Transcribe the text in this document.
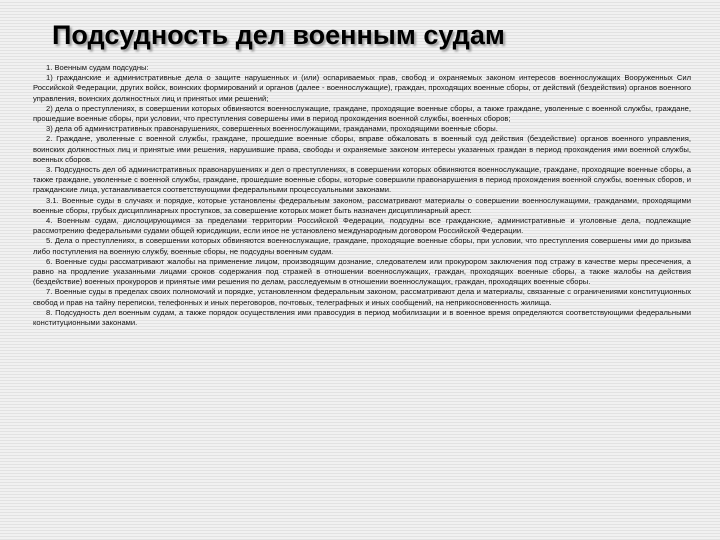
Подсудность дел военным судам

1. Военным судам подсудны:

1) гражданские и административные дела о защите нарушенных и (или) оспариваемых прав, свобод и охраняемых законом интересов военнослужащих Вооруженных Сил Российской Федерации, других войск, воинских формирований и органов (далее - военнослужащие), граждан, проходящих военные сборы, от действий (бездействия) органов военного управления, воинских должностных лиц и принятых ими решений;

2) дела о преступлениях, в совершении которых обвиняются военнослужащие, граждане, проходящие военные сборы, а также граждане, уволенные с военной службы, граждане, прошедшие военные сборы, при условии, что преступления совершены ими в период прохождения военной службы, военных сборов;

3) дела об административных правонарушениях, совершенных военнослужащими, гражданами, проходящими военные сборы.

2. Граждане, уволенные с военной службы, граждане, прошедшие военные сборы, вправе обжаловать в военный суд действия (бездействие) органов военного управления, воинских должностных лиц и принятые ими решения, нарушившие права, свободы и охраняемые законом интересы указанных граждан в период прохождения ими военной службы, военных сборов.

3. Подсудность дел об административных правонарушениях и дел о преступлениях, в совершении которых обвиняются военнослужащие, граждане, проходящие военные сборы, а также граждане, уволенные с военной службы, граждане, прошедшие военные сборы, которые совершили правонарушения в период прохождения военной службы, военных сборов, и гражданские лица, устанавливается соответствующими федеральными процессуальными законами.

3.1. Военные суды в случаях и порядке, которые установлены федеральным законом, рассматривают материалы о совершении военнослужащими, гражданами, проходящими военные сборы, грубых дисциплинарных проступков, за совершение которых может быть назначен дисциплинарный арест.

4. Военным судам, дислоцирующимся за пределами территории Российской Федерации, подсудны все гражданские, административные и уголовные дела, подлежащие рассмотрению федеральными судами общей юрисдикции, если иное не установлено международным договором Российской Федерации.

5. Дела о преступлениях, в совершении которых обвиняются военнослужащие, граждане, проходящие военные сборы, при условии, что преступления совершены ими до призыва либо поступления на военную службу, военные сборы, не подсудны военным судам.

6. Военные суды рассматривают жалобы на применение лицом, производящим дознание, следователем или прокурором заключения под стражу в качестве меры пресечения, а равно на продление указанными лицами сроков содержания под стражей в отношении военнослужащих, граждан, проходящих военные сборы, а также жалобы на действия (бездействие) военных прокуроров и принятые ими решения по делам, расследуемым в отношении военнослужащих, граждан, проходящих военные сборы.

7. Военные суды в пределах своих полномочий и порядке, установленном федеральным законом, рассматривают дела и материалы, связанные с ограничениями конституционных свобод и прав на тайну переписки, телефонных и иных переговоров, почтовых, телеграфных и иных сообщений, на неприкосновенность жилища.

8. Подсудность дел военным судам, а также порядок осуществления ими правосудия в период мобилизации и в военное время определяются соответствующими федеральными конституционными законами.
